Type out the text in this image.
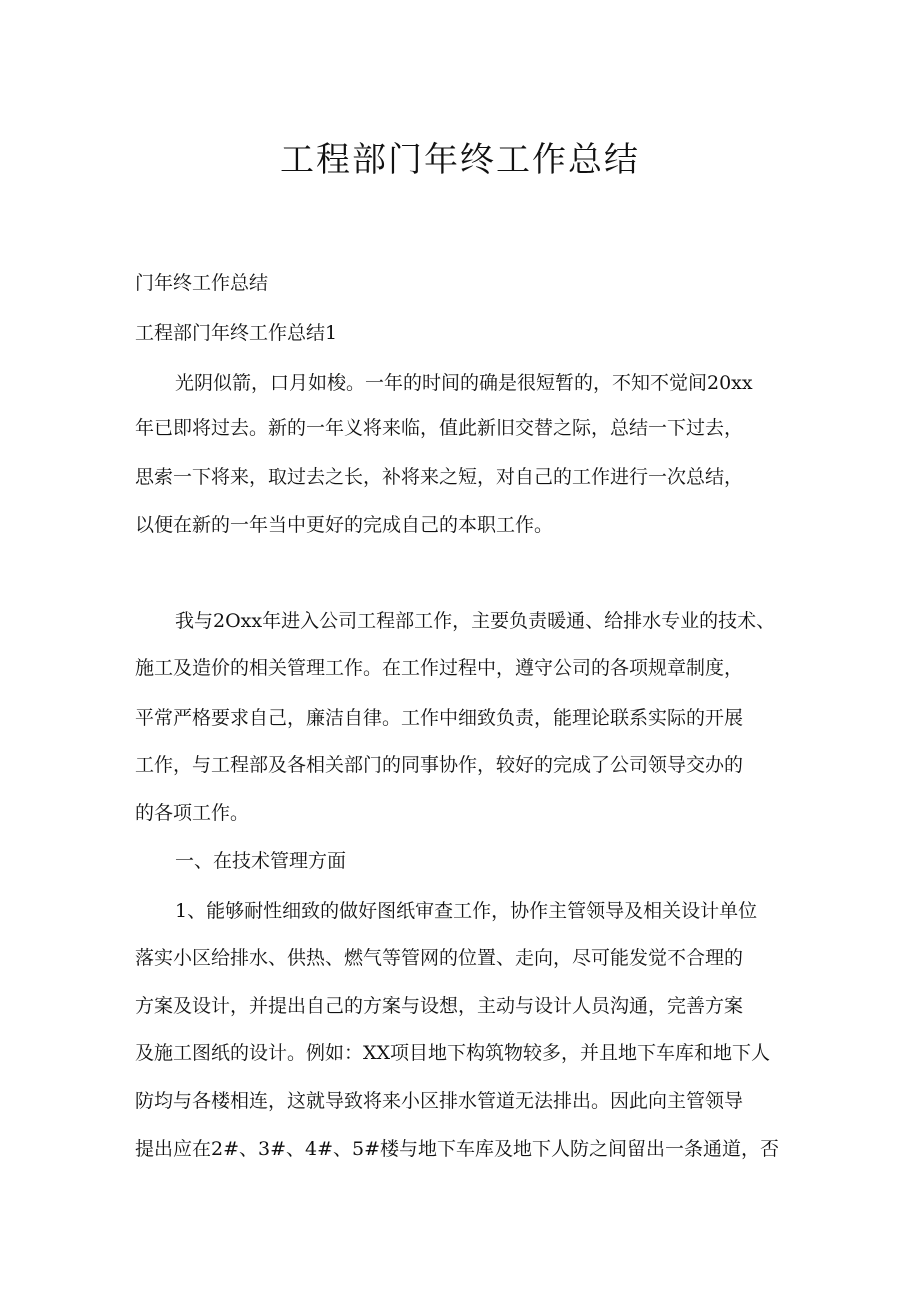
工程部门年终工作总结

门年终工作总结

工程部门年终工作总结1

光阴似箭，口月如梭。一年的时间的确是很短暂的，不知不觉间20xx

年已即将过去。新的一年义将来临，值此新旧交替之际，总结一下过去，

思索一下将来，取过去之长，补将来之短，对自己的工作进行一次总结，

以便在新的一年当中更好的完成自己的本职工作。

我与2Oxx年进入公司工程部工作，主要负责暖通、给排水专业的技术、

施工及造价的相关管理工作。在工作过程中，遵守公司的各项规章制度，

平常严格要求自己，廉洁自律。工作中细致负责，能理论联系实际的开展

工作，与工程部及各相关部门的同事协作，较好的完成了公司领导交办的

的各项工作。

一、在技术管理方面

1、能够耐性细致的做好图纸审查工作，协作主管领导及相关设计单位

落实小区给排水、供热、燃气等管网的位置、走向，尽可能发觉不合理的

方案及设计，并提出自己的方案与设想，主动与设计人员沟通，完善方案

及施工图纸的设计。例如：XX项目地下构筑物较多，并且地下车库和地下人

防均与各楼相连，这就导致将来小区排水管道无法排出。因此向主管领导

提出应在2#、3#、4#、5#楼与地下车库及地下人防之间留出一条通道，否
